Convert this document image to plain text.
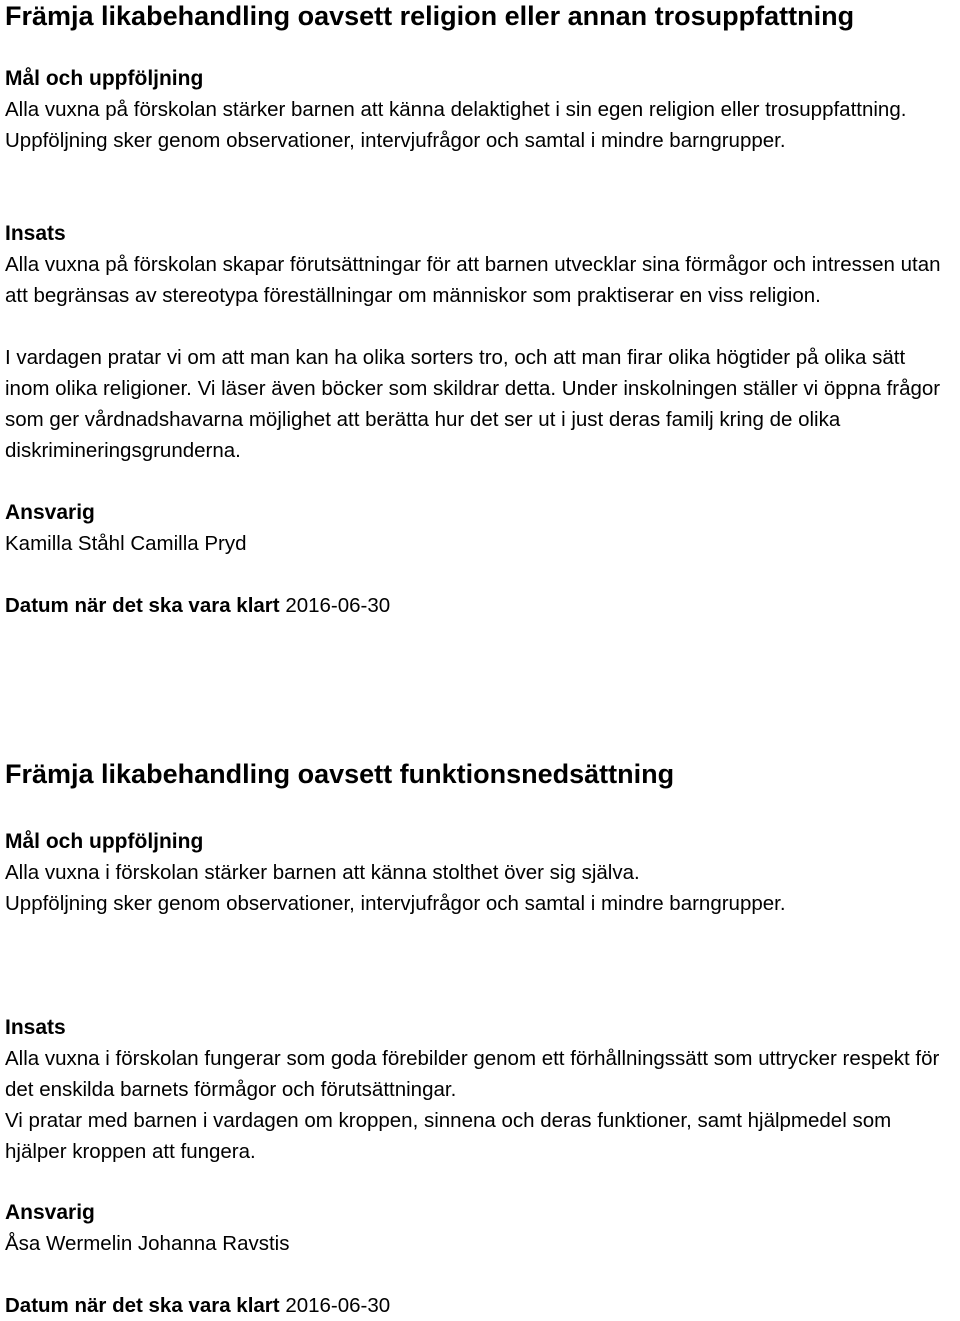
Främja likabehandling oavsett religion eller annan trosuppfattning
Mål och uppföljning

Alla vuxna på förskolan stärker barnen att känna delaktighet i sin egen religion eller trosuppfattning. Uppföljning sker genom observationer, intervjufrågor och samtal i mindre barngrupper.

Insats

Alla vuxna på förskolan skapar förutsättningar för att barnen utvecklar sina förmågor och intressen utan att begränsas av stereotypa föreställningar om människor som praktiserar en viss religion.

I vardagen pratar vi om att man kan ha olika sorters tro, och att man firar olika högtider på olika sätt inom olika religioner. Vi läser även böcker som skildrar detta. Under inskolningen ställer vi öppna frågor som ger vårdnadshavarna möjlighet att berätta hur det ser ut i just deras familj kring de olika diskrimineringsgrunderna.

Ansvarig

Kamilla Ståhl Camilla Pryd

Datum när det ska vara klart 2016-06-30

Främja likabehandling oavsett funktionsnedsättning
Mål och uppföljning

Alla vuxna i förskolan stärker barnen att känna stolthet över sig själva.

Uppföljning sker genom observationer, intervjufrågor och samtal i mindre barngrupper.

Insats

Alla vuxna i förskolan fungerar som goda förebilder genom ett förhållningssätt som uttrycker respekt för det enskilda barnets förmågor och förutsättningar.

Vi pratar med barnen i vardagen om kroppen, sinnena och deras funktioner, samt hjälpmedel som hjälper kroppen att fungera.

Ansvarig

Åsa Wermelin Johanna Ravstis

Datum när det ska vara klart 2016-06-30
